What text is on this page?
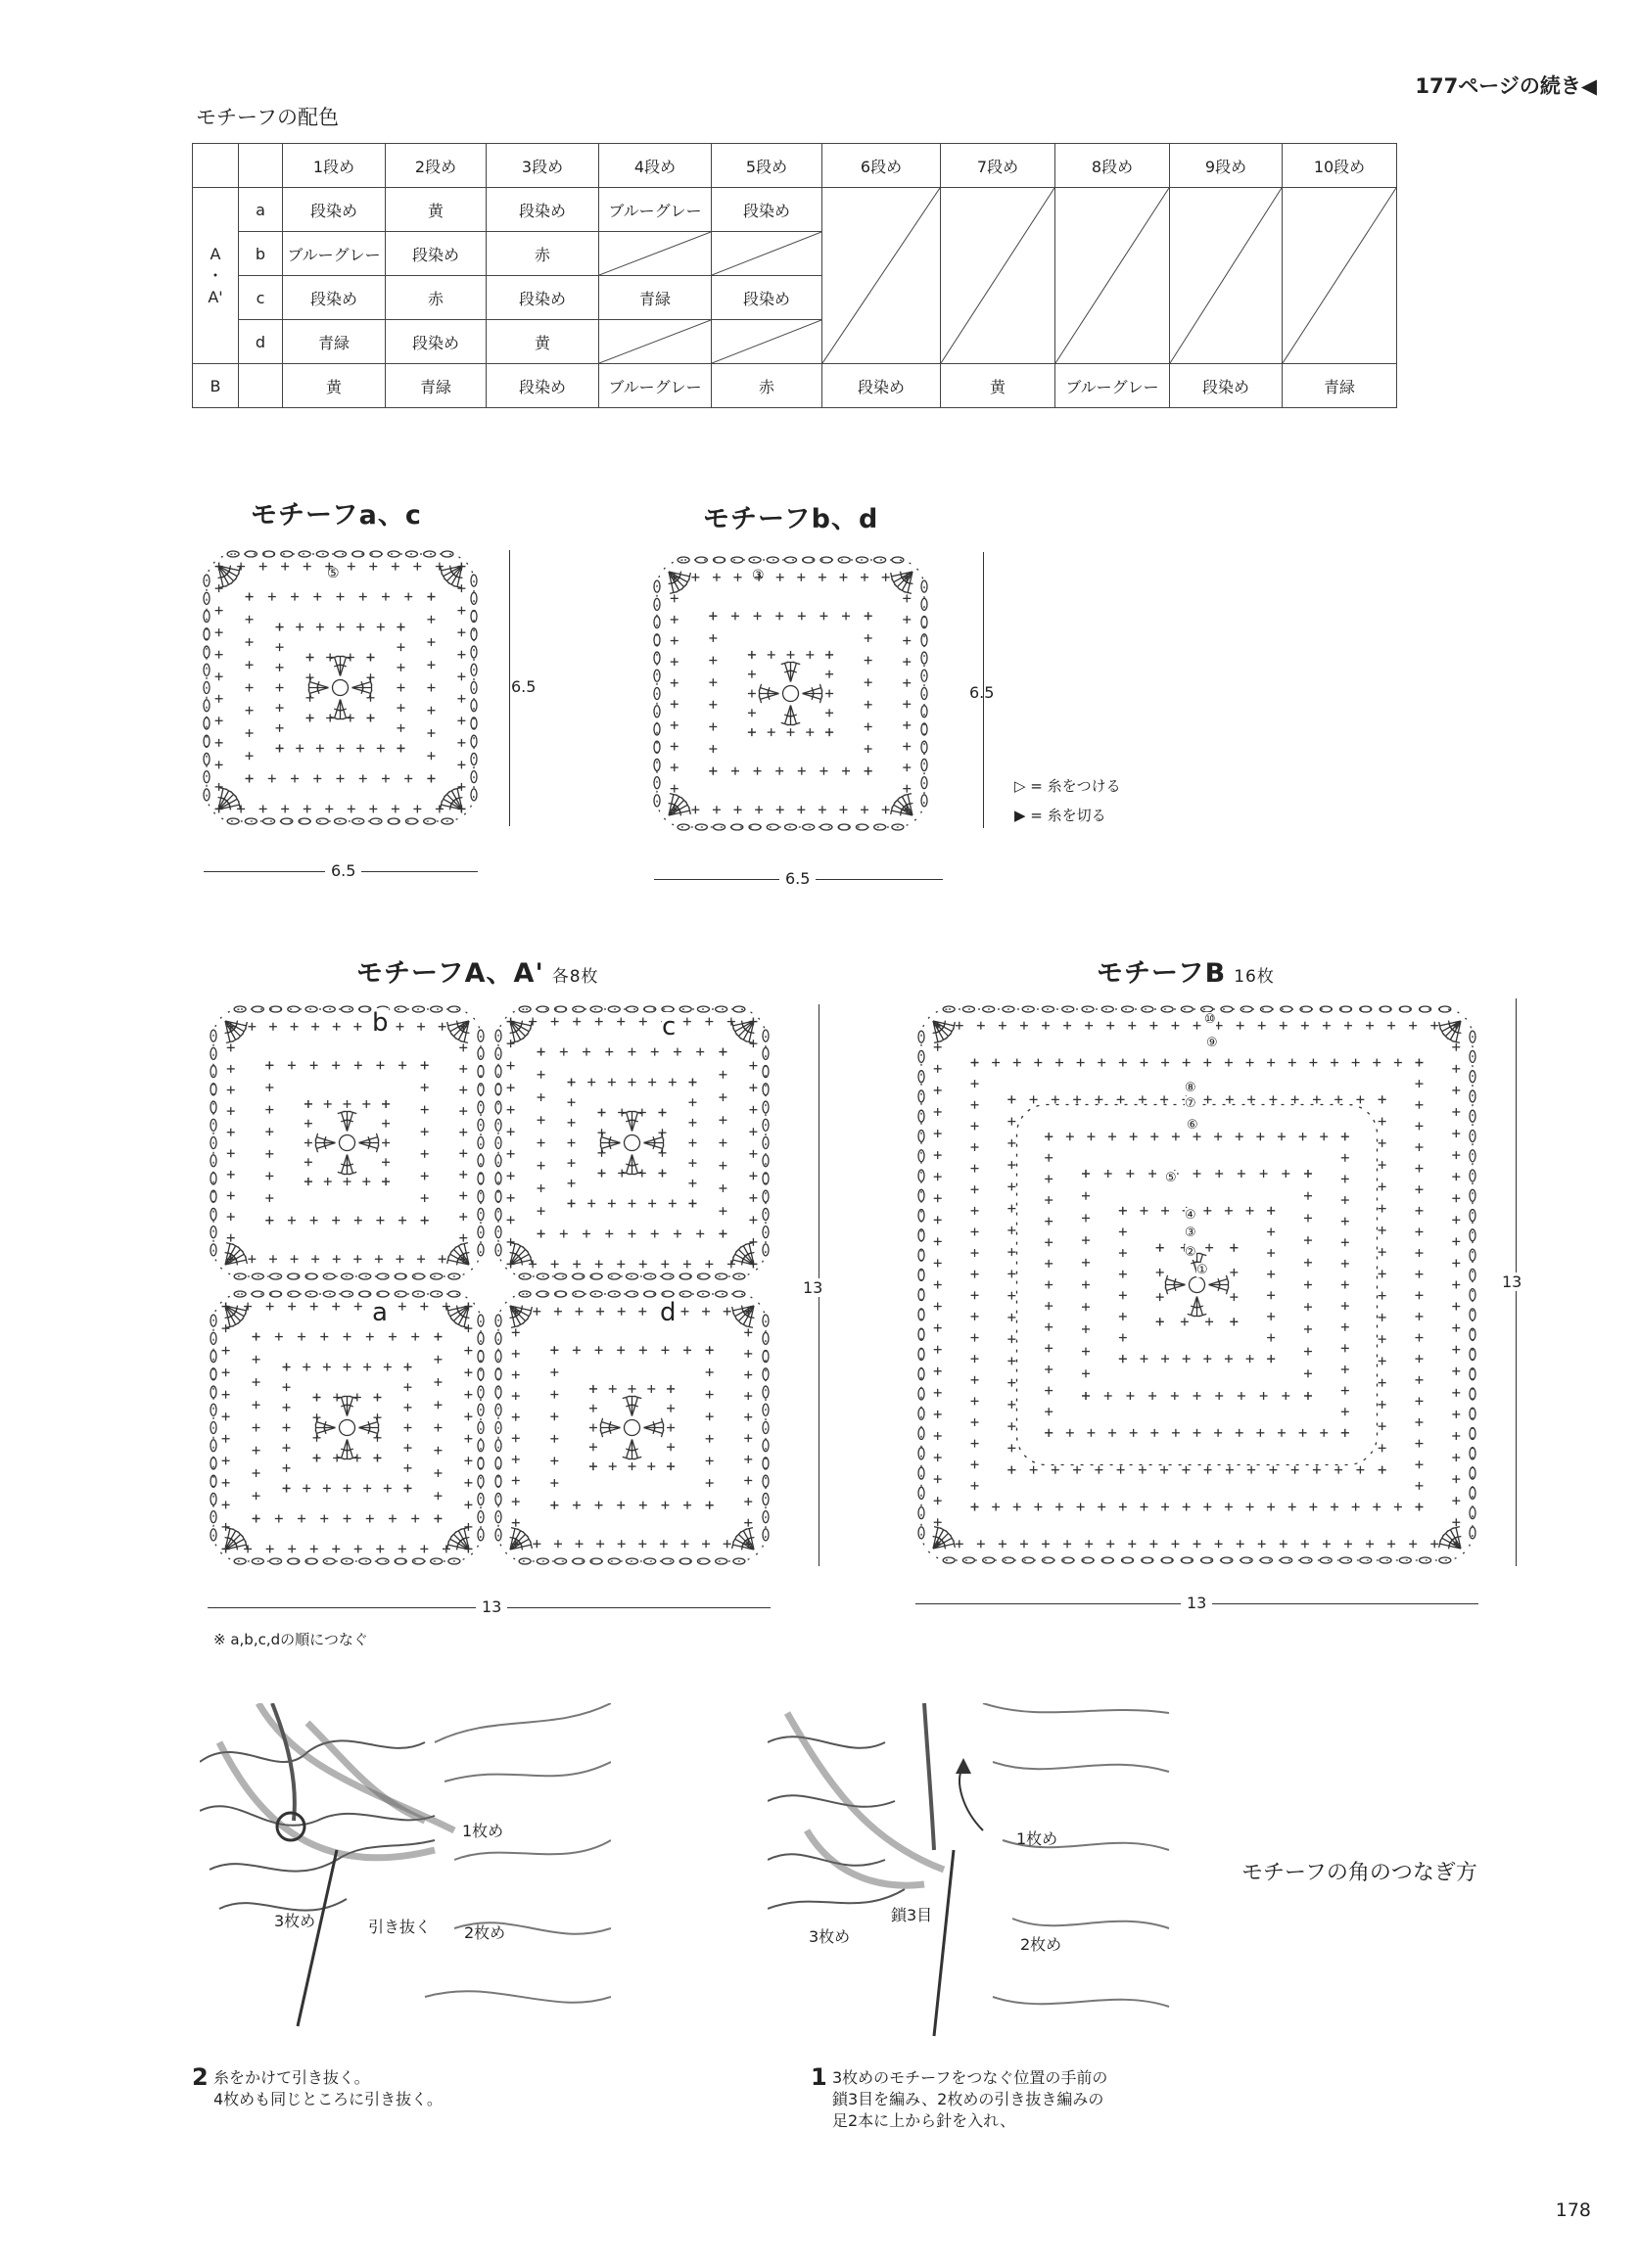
177ページの続き◀
モチーフの配色
		1段め	2段め	3段め	4段め	5段め	6段め	7段め	8段め	9段め	10段め
A
・
A'	a	段染め	黄	段染め	ブルーグレー	段染め	

	b	ブルーグレー	段染め	赤	

	c	段染め	赤	段染め	青緑	段染め					
	d	青緑	段染め	黄	

B		黄	青緑	段染め	ブルーグレー	赤	段染め	黄	ブルーグレー	段染め	青緑
モチーフa、c
6.5
6.5
⑤
モチーフb、d
6.5
6.5
③
▷ = 糸をつける
▶ = 糸を切る
モチーフA、A' 各8枚
b	c
a	d
13
13
※ a,b,c,dの順につなぐ
モチーフB 16枚
⑩
⑨
⑧
⑦
⑥
⑤
④
③
②
①
13
13
1枚め
2枚め
3枚め	引き抜く
2 糸をかけて引き抜く。
4枚めも同じところに引き抜く。
1枚め
2枚め
3枚め
鎖3目
1 3枚めのモチーフをつなぐ位置の手前の
鎖3目を編み、2枚めの引き抜き編みの
足2本に上から針を入れ、
モチーフの角のつなぎ方
178
